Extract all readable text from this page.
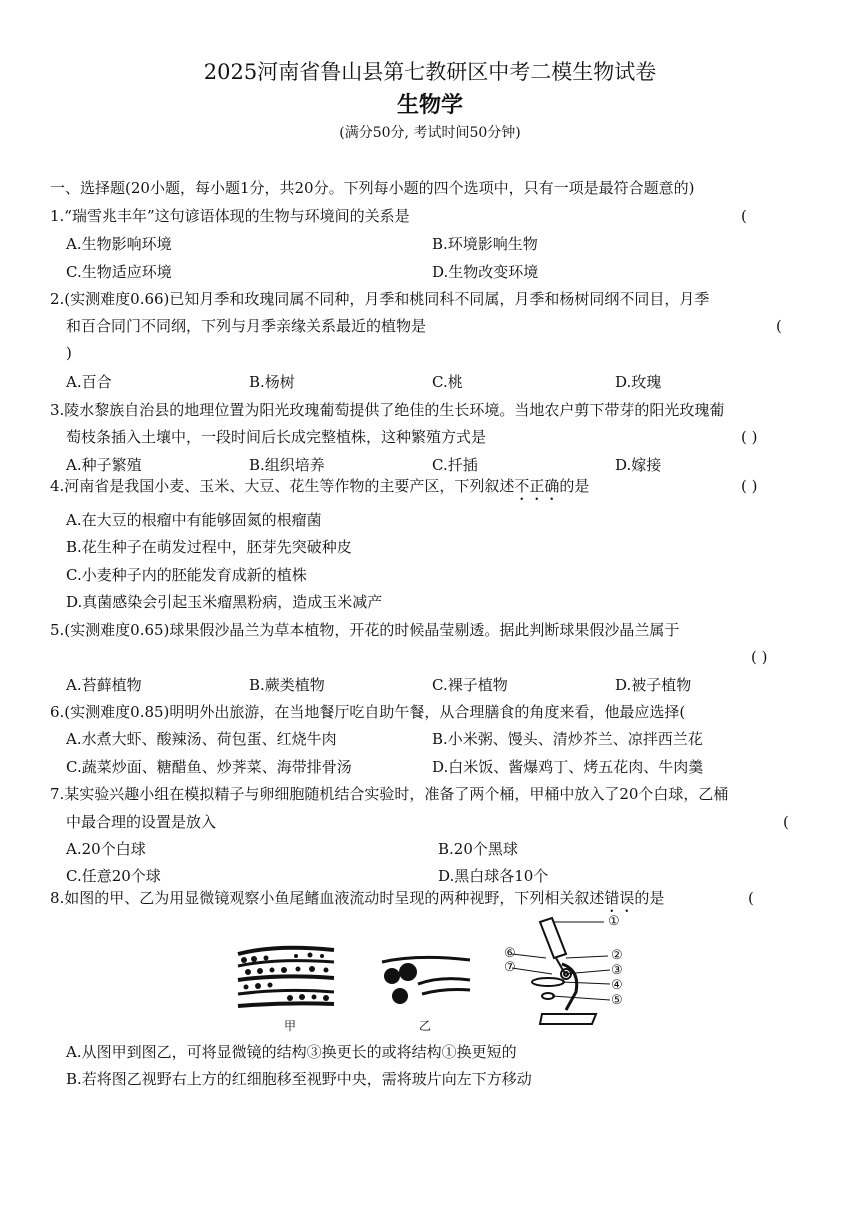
2025河南省鲁山县第七教研区中考二模生物试卷
生物学
(满分50分, 考试时间50分钟)
一、选择题(20小题，每小题1分，共20分。下列每小题的四个选项中，只有一项是最符合题意的)
1.“瑞雪兆丰年”这句谚语体现的生物与环境间的关系是	(
A.生物影响环境	B.环境影响生物
C.生物适应环境	D.生物改变环境
2.(实测难度0.66)已知月季和玫瑰同属不同种，月季和桃同科不同属，月季和杨树同纲不同目，月季
和百合同门不同纲，下列与月季亲缘关系最近的植物是	(
)
A.百合	B.杨树	C.桃	D.玫瑰
3.陵水黎族自治县的地理位置为阳光玫瑰葡萄提供了绝佳的生长环境。当地农户剪下带芽的阳光玫瑰葡
萄枝条插入土壤中，一段时间后长成完整植株，这种繁殖方式是	( )
A.种子繁殖	B.组织培养	C.扦插	D.嫁接
4.河南省是我国小麦、玉米、大豆、花生等作物的主要产区，下列叙述不正确的是	( )
A.在大豆的根瘤中有能够固氮的根瘤菌
B.花生种子在萌发过程中，胚芽先突破种皮
C.小麦种子内的胚能发育成新的植株
D.真菌感染会引起玉米瘤黑粉病，造成玉米减产
5.(实测难度0.65)球果假沙晶兰为草本植物，开花的时候晶莹剔透。据此判断球果假沙晶兰属于
( )
A.苔藓植物	B.蕨类植物	C.裸子植物	D.被子植物
6.(实测难度0.85)明明外出旅游，在当地餐厅吃自助午餐，从合理膳食的角度来看，他最应选择(
A.水煮大虾、酸辣汤、荷包蛋、红烧牛肉	B.小米粥、馒头、清炒芥兰、凉拌西兰花
C.蔬菜炒面、糖醋鱼、炒荠菜、海带排骨汤	D.白米饭、酱爆鸡丁、烤五花肉、牛肉羹
7.某实验兴趣小组在模拟精子与卵细胞随机结合实验时，准备了两个桶，甲桶中放入了20个白球，乙桶
中最合理的设置是放入	(
A.20个白球	B.20个黑球
C.任意20个球	D.黑白球各10个
8.如图的甲、乙为用显微镜观察小鱼尾鳍血液流动时呈现的两种视野，下列相关叙述错误的是	(
甲	乙
①
②
③
④
⑤
⑥
⑦
A.从图甲到图乙，可将显微镜的结构③换更长的或将结构①换更短的
B.若将图乙视野右上方的红细胞移至视野中央，需将玻片向左下方移动
